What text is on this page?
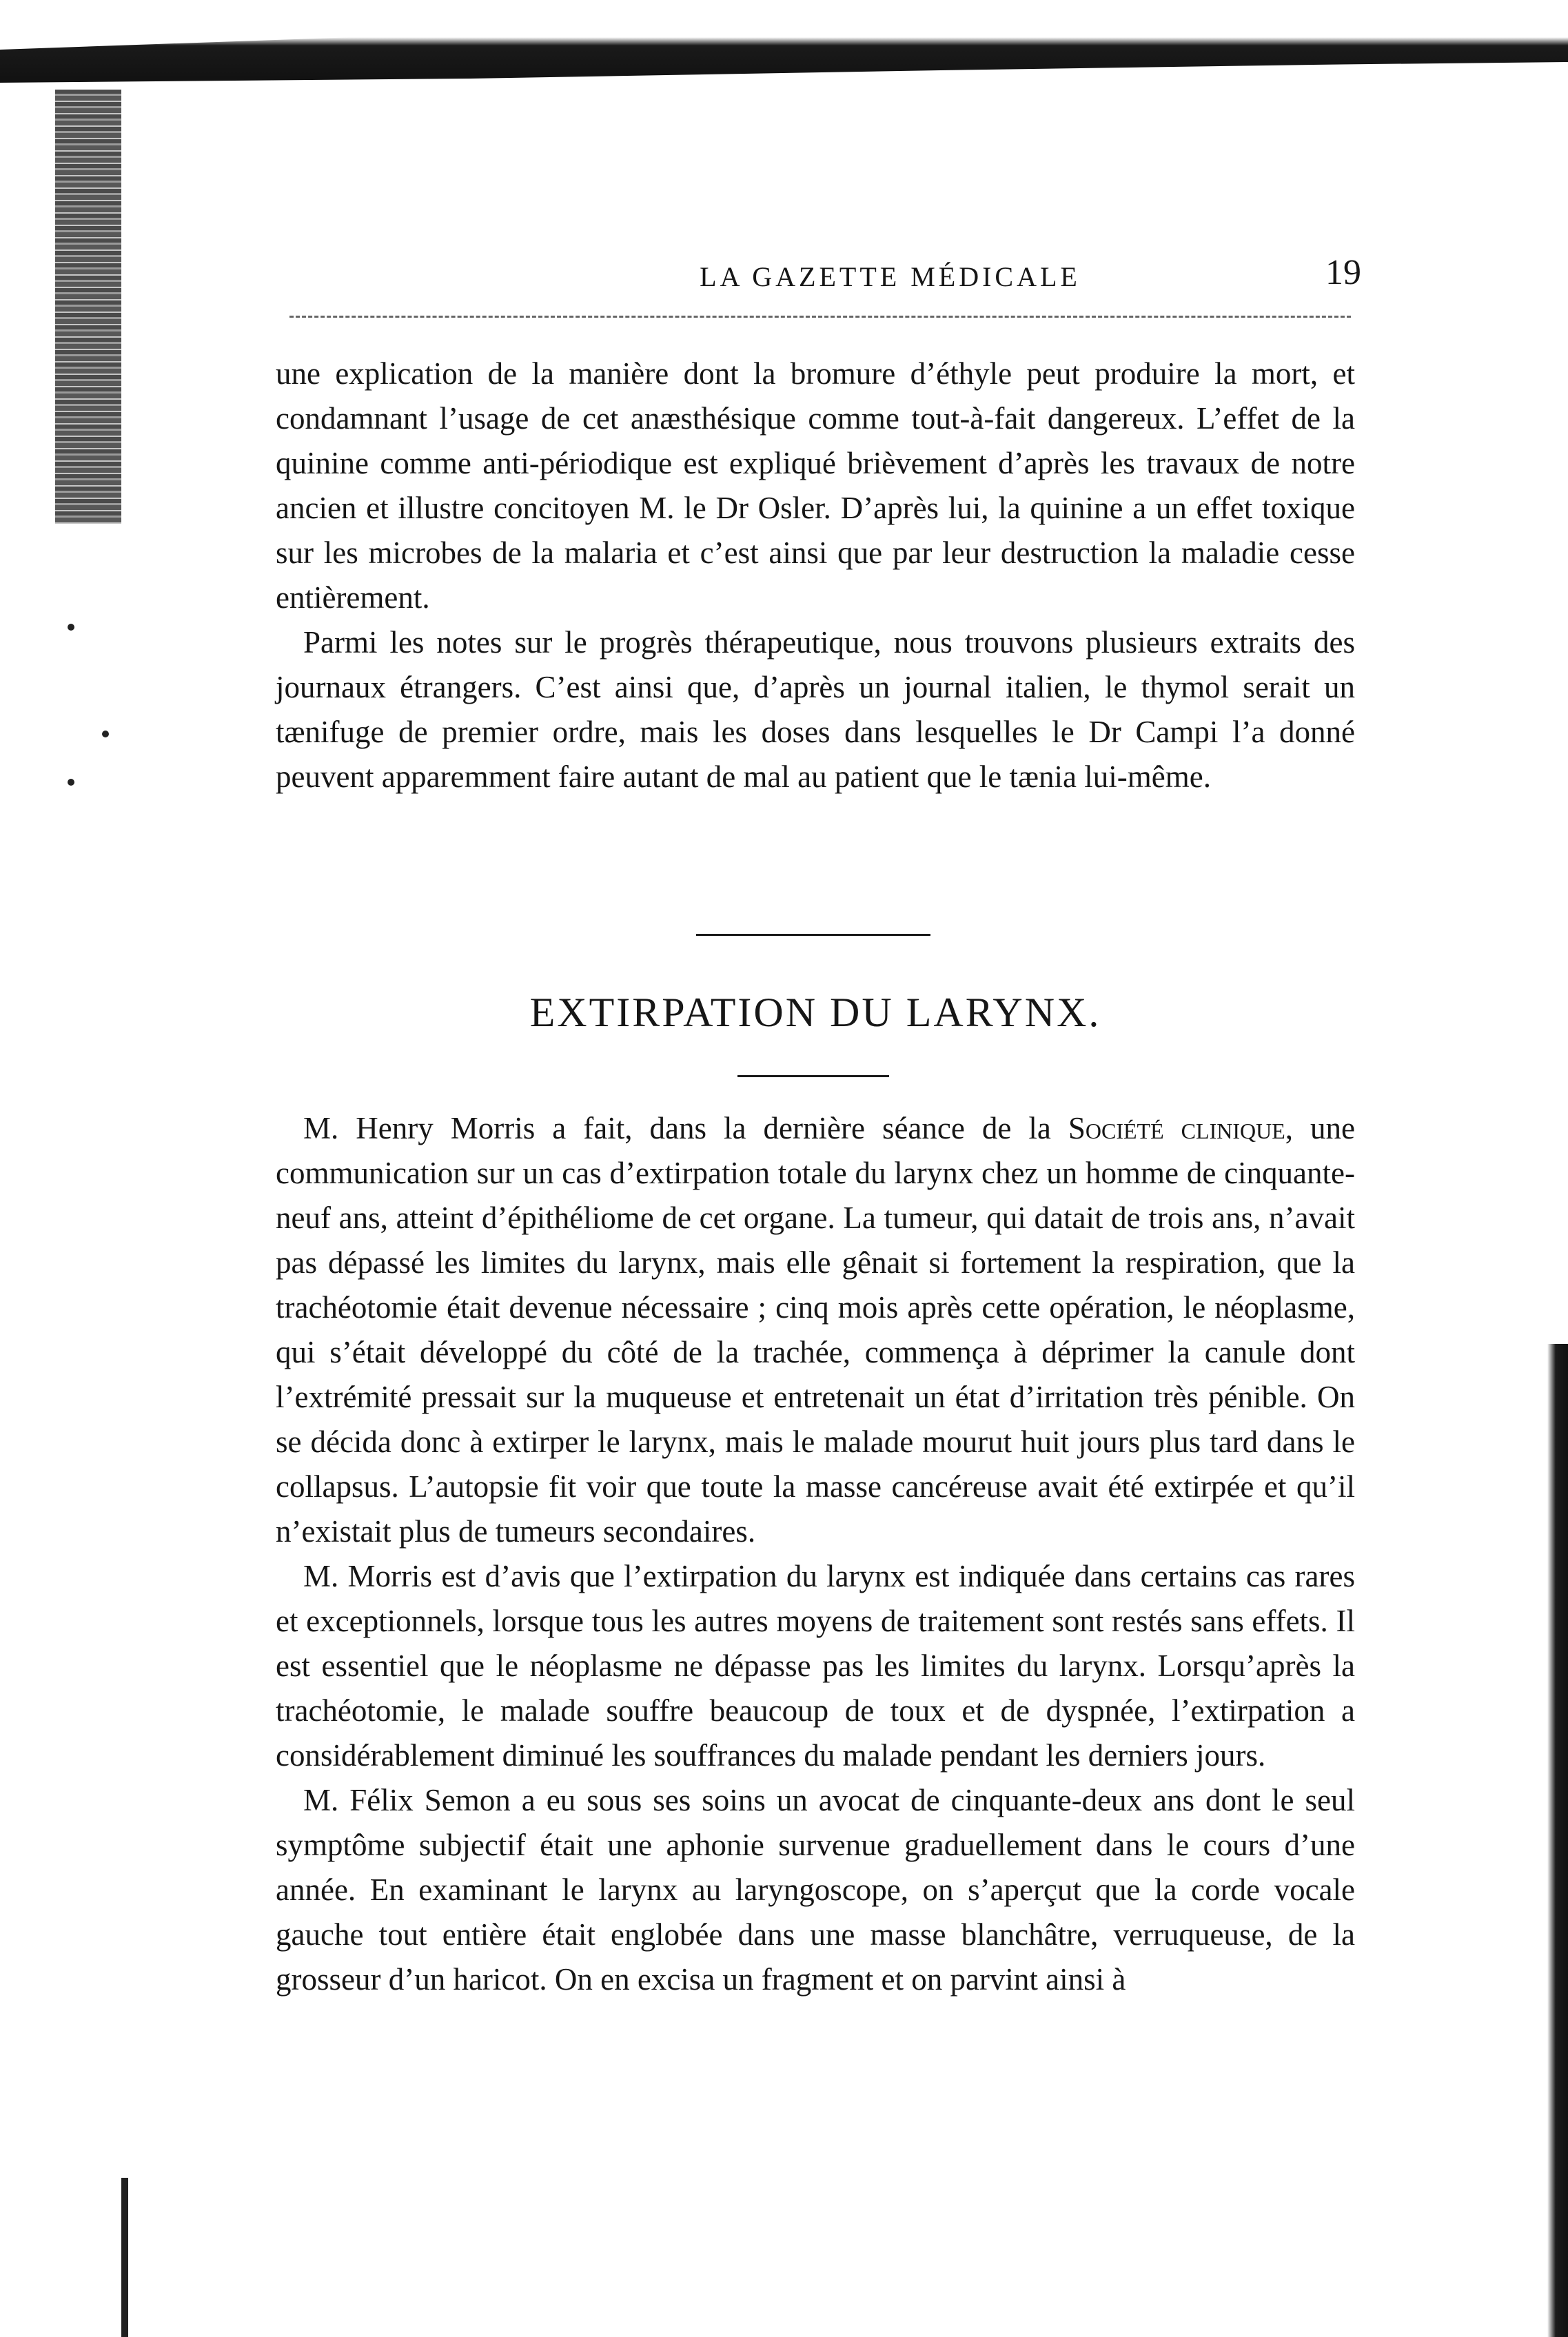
LA GAZETTE MÉDICALE	19

une explication de la manière dont la bromure d’éthyle peut produire la mort, et condamnant l’usage de cet anæsthésique comme tout-à-fait dangereux. L’effet de la quinine comme anti-périodique est expliqué brièvement d’après les travaux de notre ancien et illustre concitoyen M. le Dr Osler. D’après lui, la quinine a un effet toxique sur les microbes de la malaria et c’est ainsi que par leur destruction la maladie cesse entièrement.

Parmi les notes sur le progrès thérapeutique, nous trouvons plusieurs extraits des journaux étrangers. C’est ainsi que, d’après un journal italien, le thymol serait un tænifuge de premier ordre, mais les doses dans lesquelles le Dr Campi l’a donné peuvent apparemment faire autant de mal au patient que le tænia lui-même.

EXTIRPATION DU LARYNX.

M. Henry Morris a fait, dans la dernière séance de la Société clinique, une communication sur un cas d’extirpation totale du larynx chez un homme de cinquante-neuf ans, atteint d’épithéliome de cet organe. La tumeur, qui datait de trois ans, n’avait pas dépassé les limites du larynx, mais elle gênait si fortement la respiration, que la trachéotomie était devenue nécessaire ; cinq mois après cette opération, le néoplasme, qui s’était développé du côté de la trachée, commença à déprimer la canule dont l’extrémité pressait sur la muqueuse et entretenait un état d’irritation très pénible. On se décida donc à extirper le larynx, mais le malade mourut huit jours plus tard dans le collapsus. L’autopsie fit voir que toute la masse cancéreuse avait été extirpée et qu’il n’existait plus de tumeurs secondaires.

M. Morris est d’avis que l’extirpation du larynx est indiquée dans certains cas rares et exceptionnels, lorsque tous les autres moyens de traitement sont restés sans effets. Il est essentiel que le néoplasme ne dépasse pas les limites du larynx. Lorsqu’après la trachéotomie, le malade souffre beaucoup de toux et de dyspnée, l’extirpation a considérablement diminué les souffrances du malade pendant les derniers jours.

M. Félix Semon a eu sous ses soins un avocat de cinquante-deux ans dont le seul symptôme subjectif était une aphonie survenue graduellement dans le cours d’une année. En examinant le larynx au laryngoscope, on s’aperçut que la corde vocale gauche tout entière était englobée dans une masse blanchâtre, verruqueuse, de la grosseur d’un haricot. On en excisa un fragment et on parvint ainsi à
